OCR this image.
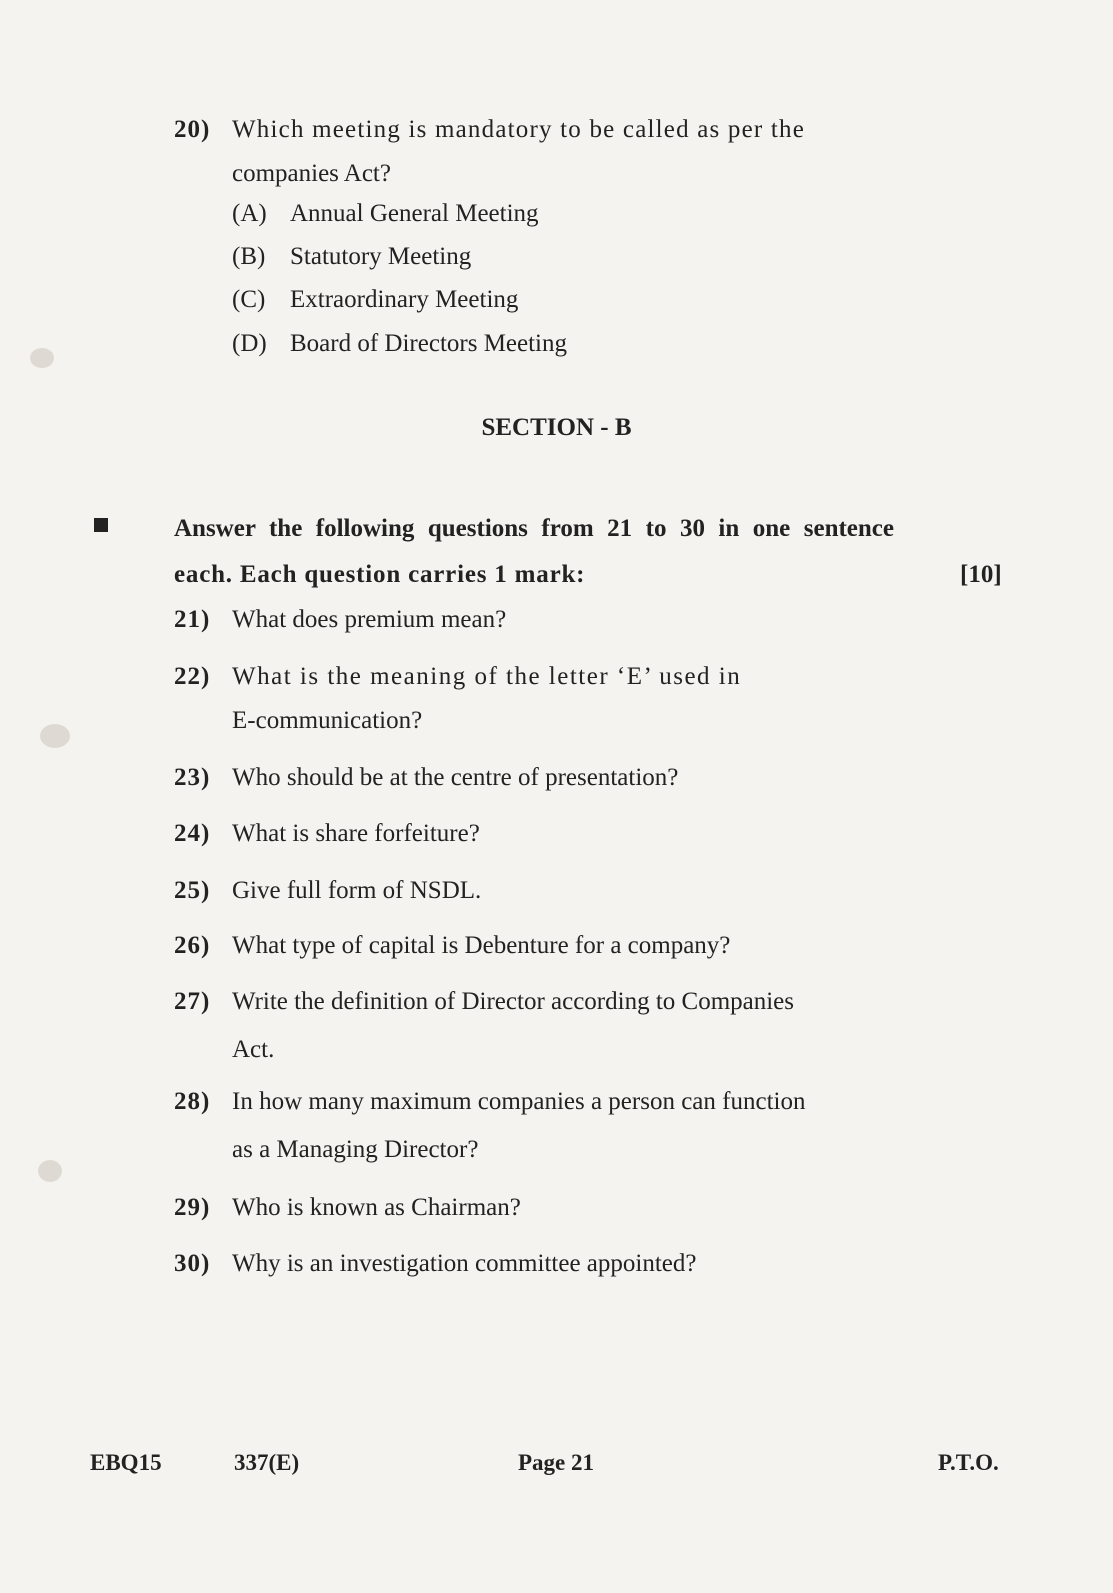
20) Which meeting is mandatory to be called as per the
companies Act?
(A) Annual General Meeting
(B) Statutory Meeting
(C) Extraordinary Meeting
(D) Board of Directors Meeting
SECTION - B
Answer the following questions from 21 to 30 in one sentence
each. Each question carries 1 mark:	[10]
21) What does premium mean?
22) What is the meaning of the letter ‘E’ used in
E-communication?
23) Who should be at the centre of presentation?
24) What is share forfeiture?
25) Give full form of NSDL.
26) What type of capital is Debenture for a company?
27) Write the definition of Director according to Companies
Act.
28) In how many maximum companies a person can function
as a Managing Director?
29) Who is known as Chairman?
30) Why is an investigation committee appointed?
EBQ15	337(E)	Page 21	P.T.O.
